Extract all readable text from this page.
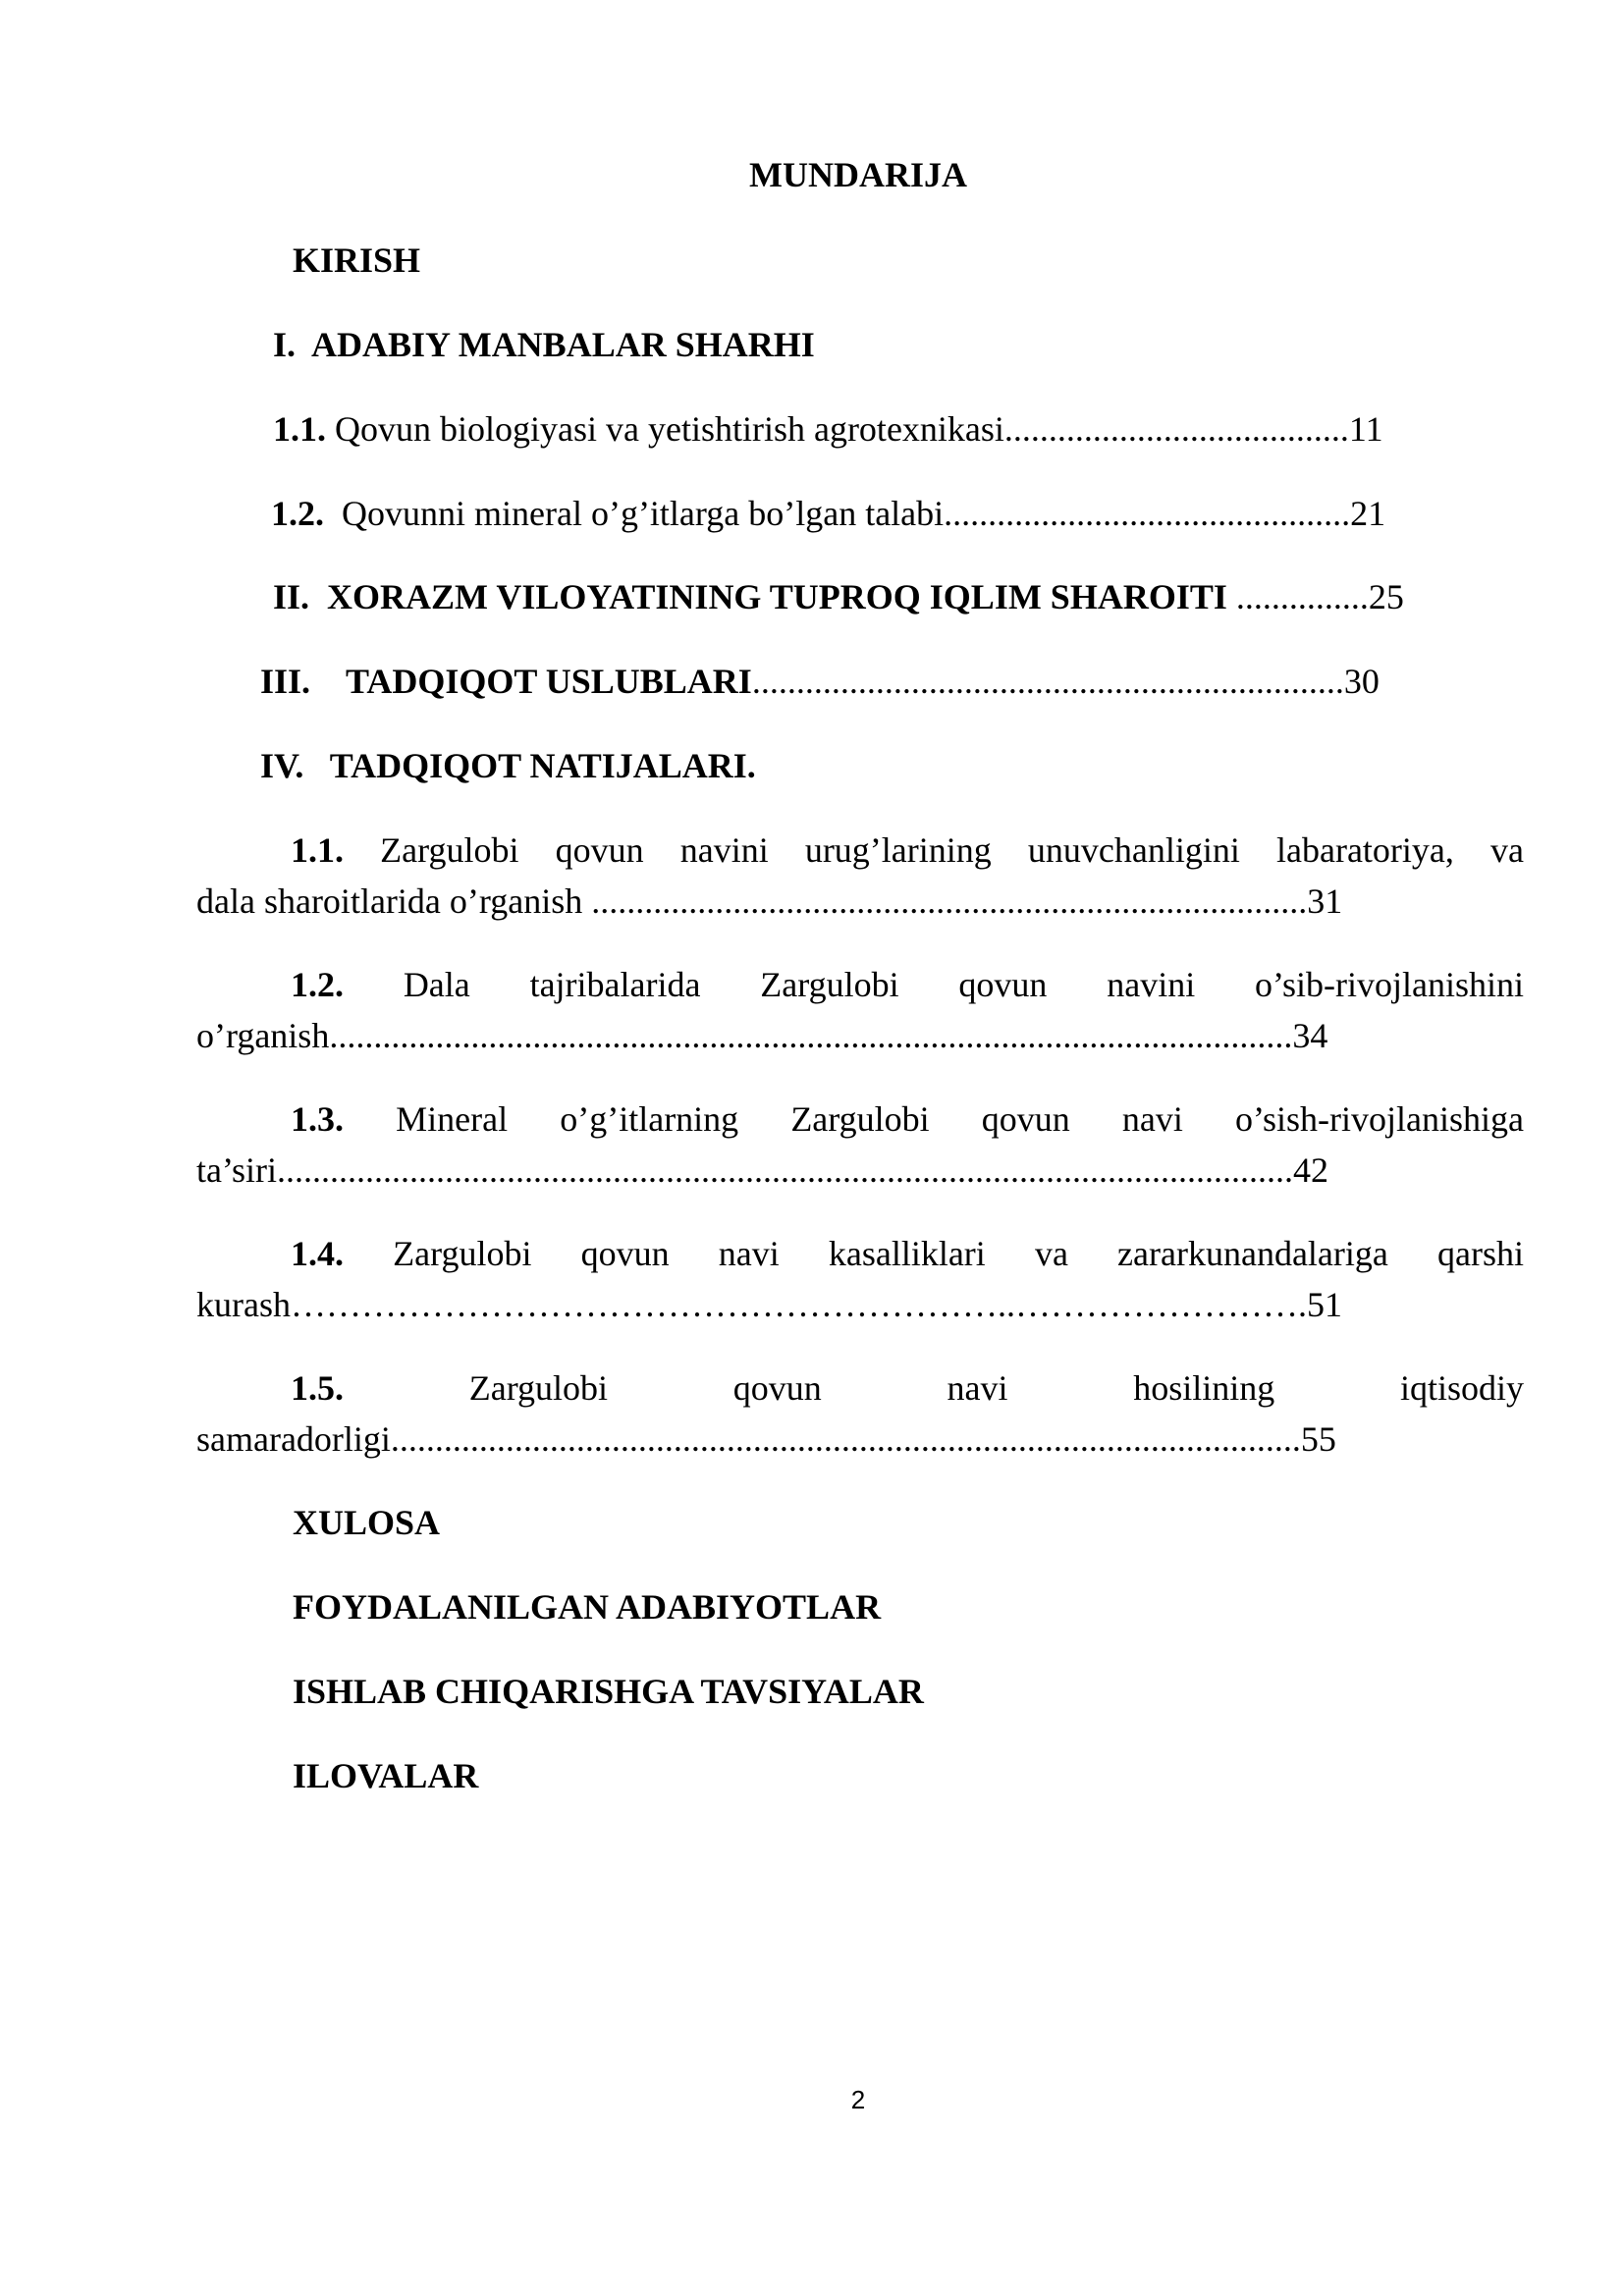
MUNDARIJA
KIRISH
I. ADABIY MANBALAR SHARHI
1.1. Qovun biologiyasi va yetishtirish agrotexnikasi.......................................11
1.2. Qovunni mineral o’g’itlarga bo’lgan talabi..............................................21
II. XORAZM VILOYATINING TUPROQ IQLIM SHAROITI ...............25
III. TADQIQOT USLUBLARI...................................................................30
IV. TADQIQOT NATIJALARI.
1.1. Zargulobi qovun navini urug’larining unuvchanligini labaratoriya, va
dala sharoitlarida o’rganish .................................................................................31
1.2. Dala tajribalarida Zargulobi qovun navini o’sib-rivojlanishini
o’rganish.............................................................................................................34
1.3. Mineral o’g’itlarning Zargulobi qovun navi o’sish-rivojlanishiga
ta’siri...................................................................................................................42
1.4. Zargulobi qovun navi kasalliklari va zararkunandalariga qarshi
kurash……………………………………………………..…………………….51
1.5.	Zargulobi qovun navi hosilining iqtisodiy
samaradorligi.......................................................................................................55
XULOSA
FOYDALANILGAN ADABIYOTLAR
ISHLAB CHIQARISHGA TAVSIYALAR
ILOVALAR
2
